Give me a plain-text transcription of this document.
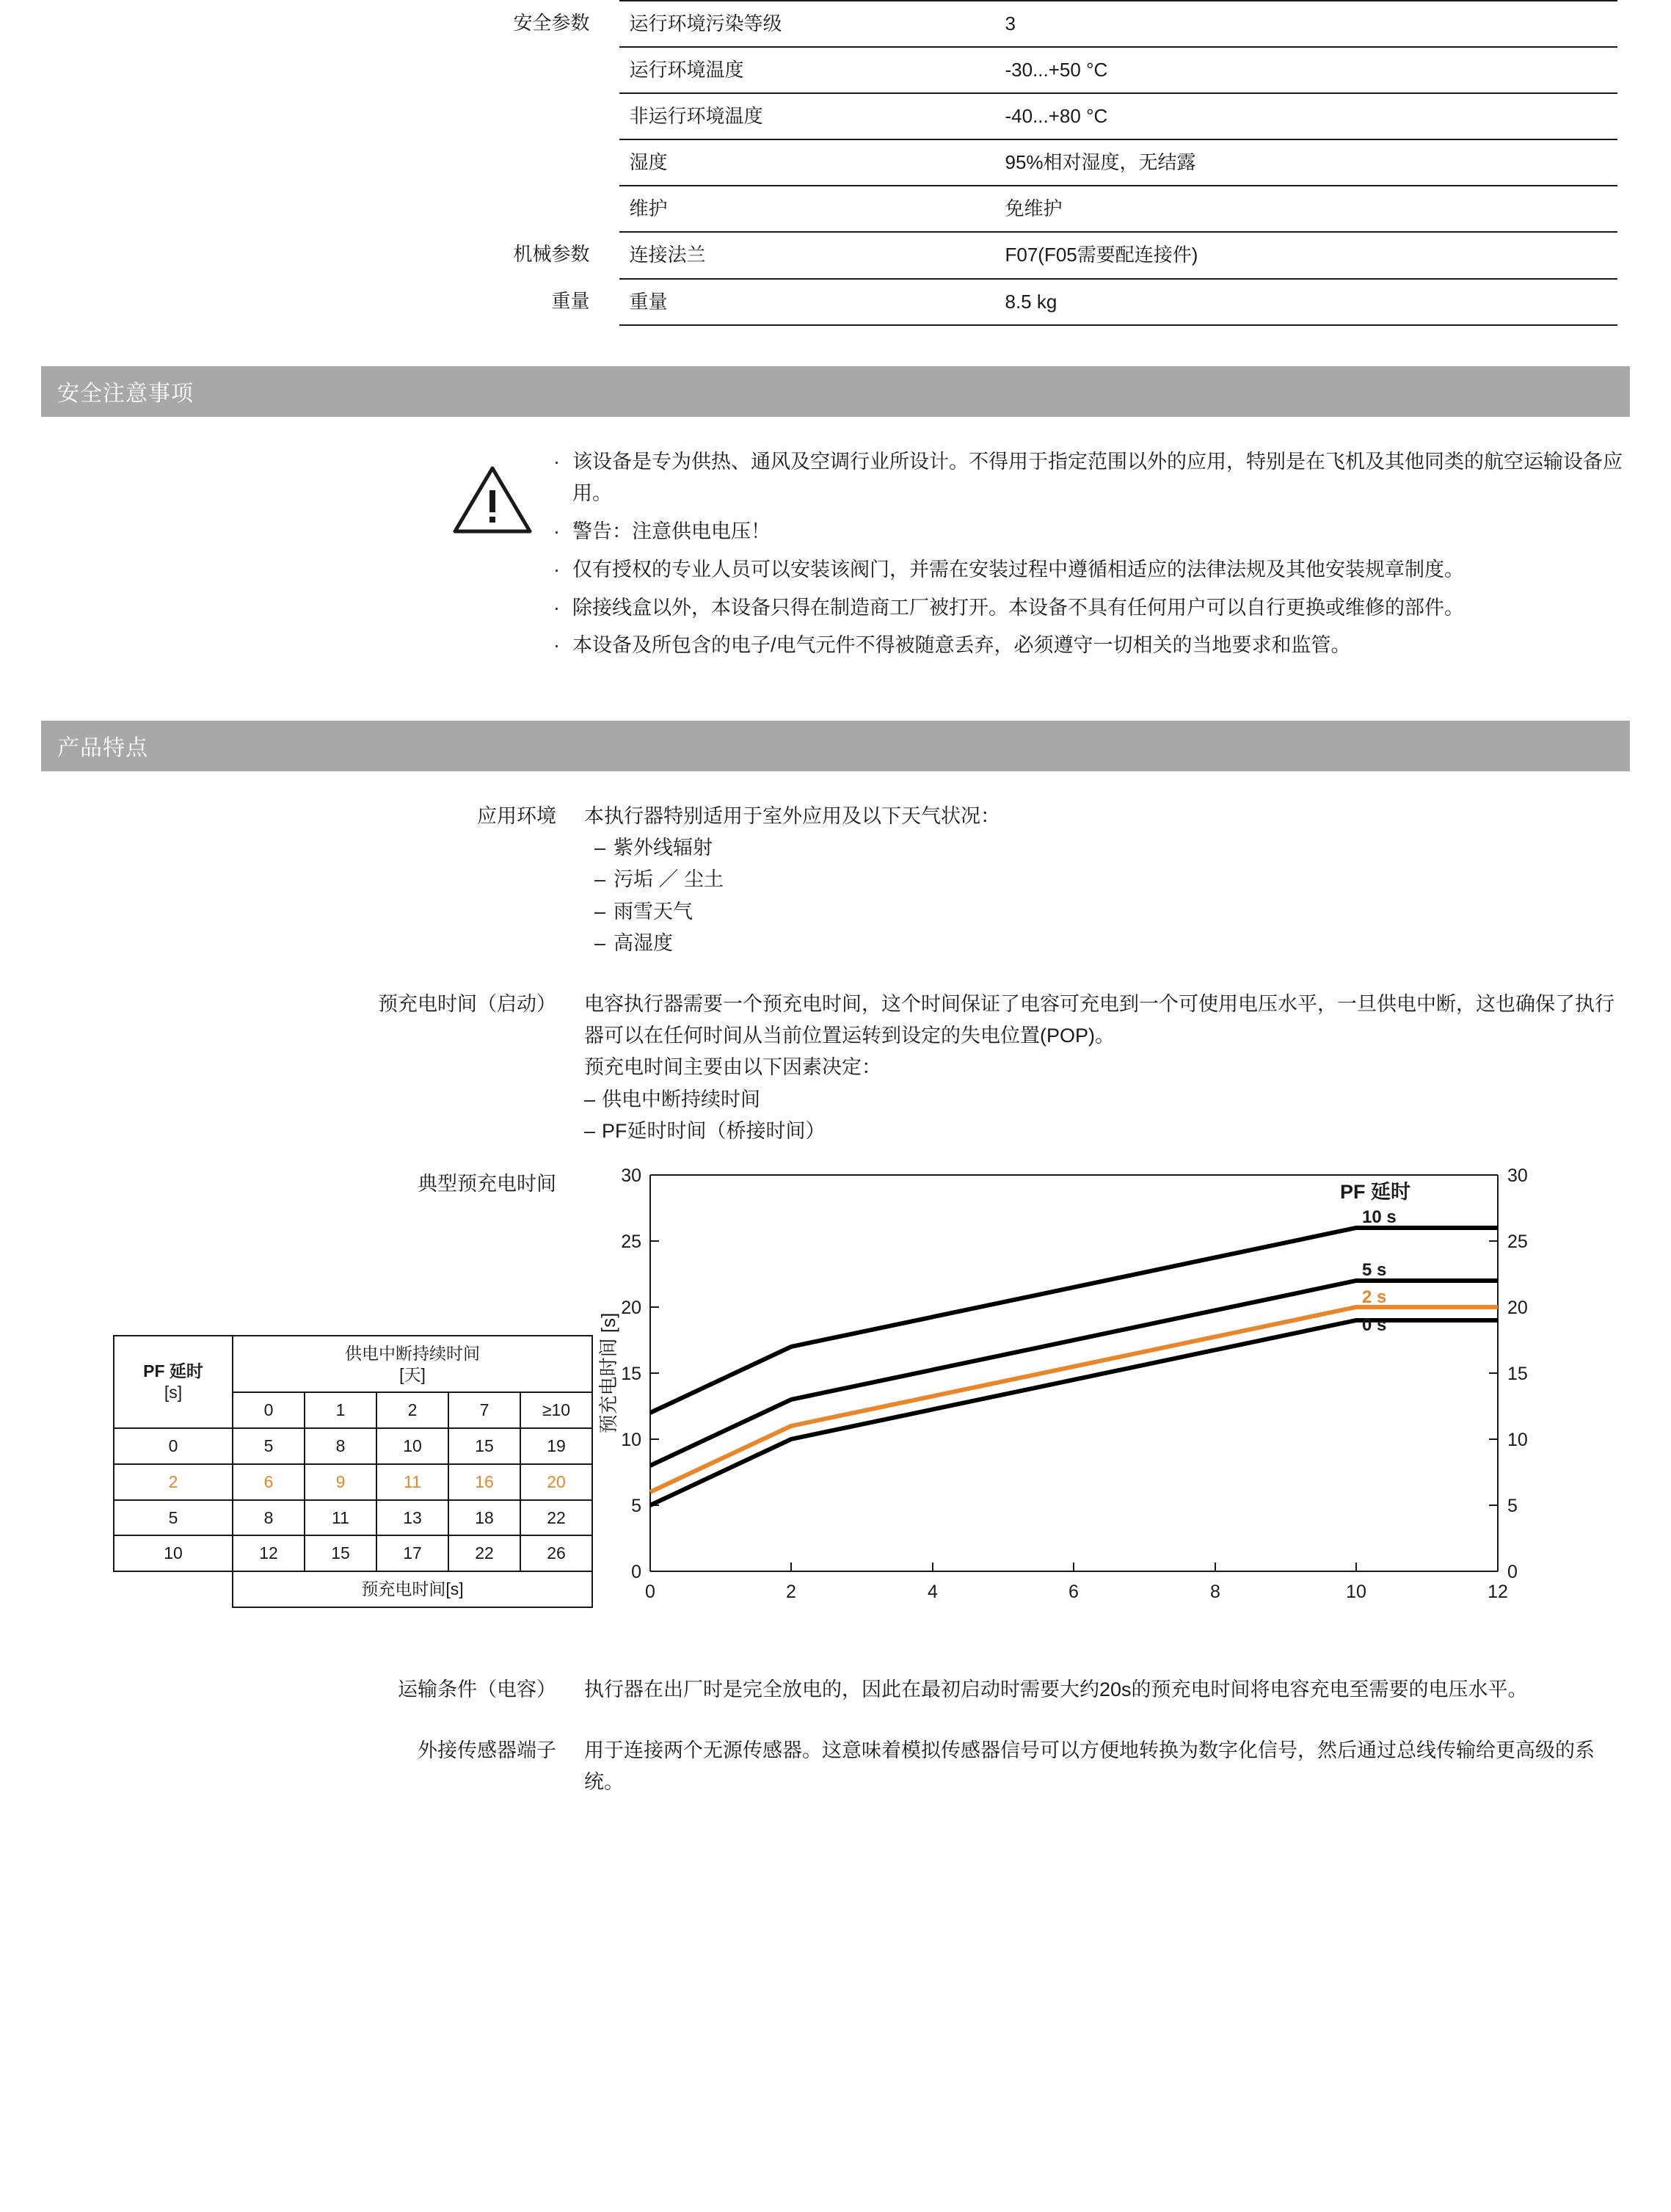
安全参数	运行环境污染等级	3
	运行环境温度	-30...+50 °C
	非运行环境温度	-40...+80 °C
	湿度	95%相对湿度，无结露
	维护	免维护
机械参数	连接法兰	F07(F05需要配连接件)
重量	重量	8.5 kg
安全注意事项
· 该设备是专为供热、通风及空调行业所设计。不得用于指定范围以外的应用，特别是在飞机及其他同类的航空运输设备应用。
· 警告：注意供电电压！
· 仅有授权的专业人员可以安装该阀门，并需在安装过程中遵循相适应的法律法规及其他安装规章制度。
· 除接线盒以外，本设备只得在制造商工厂被打开。本设备不具有任何用户可以自行更换或维修的部件。
· 本设备及所包含的电子/电气元件不得被随意丢弃，必须遵守一切相关的当地要求和监管。
产品特点
应用环境	本执行器特别适用于室外应用及以下天气状况：
– 紫外线辐射
– 污垢 ／ 尘土
– 雨雪天气
– 高湿度
预充电时间（启动）	电容执行器需要一个预充电时间，这个时间保证了电容可充电到一个可使用电压水平，一旦供电中断，这也确保了执行器可以在任何时间从当前位置运转到设定的失电位置(POP)。
预充电时间主要由以下因素决定：
– 供电中断持续时间
– PF延时时间（桥接时间）
典型预充电时间
PF 延时
[s]	供电中断持续时间
[天]				
	0	1	2	7	≥10
0	5	8	10	15	19
2	6	9	11	16	20
5	8	11	13	18	22
10	12	15	17	22	26
	预充电时间[s]				
0
5
10
15
20
25
30
0
5
10
15
20
25
30
0	2	4	6	8	10	12
预充电时间 [s]
PF 延时
10 s
5 s
2 s
0 s
运输条件（电容）	执行器在出厂时是完全放电的，因此在最初启动时需要大约20s的预充电时间将电容充电至需要的电压水平。
外接传感器端子	用于连接两个无源传感器。这意味着模拟传感器信号可以方便地转换为数字化信号，然后通过总线传输给更高级的系统。
